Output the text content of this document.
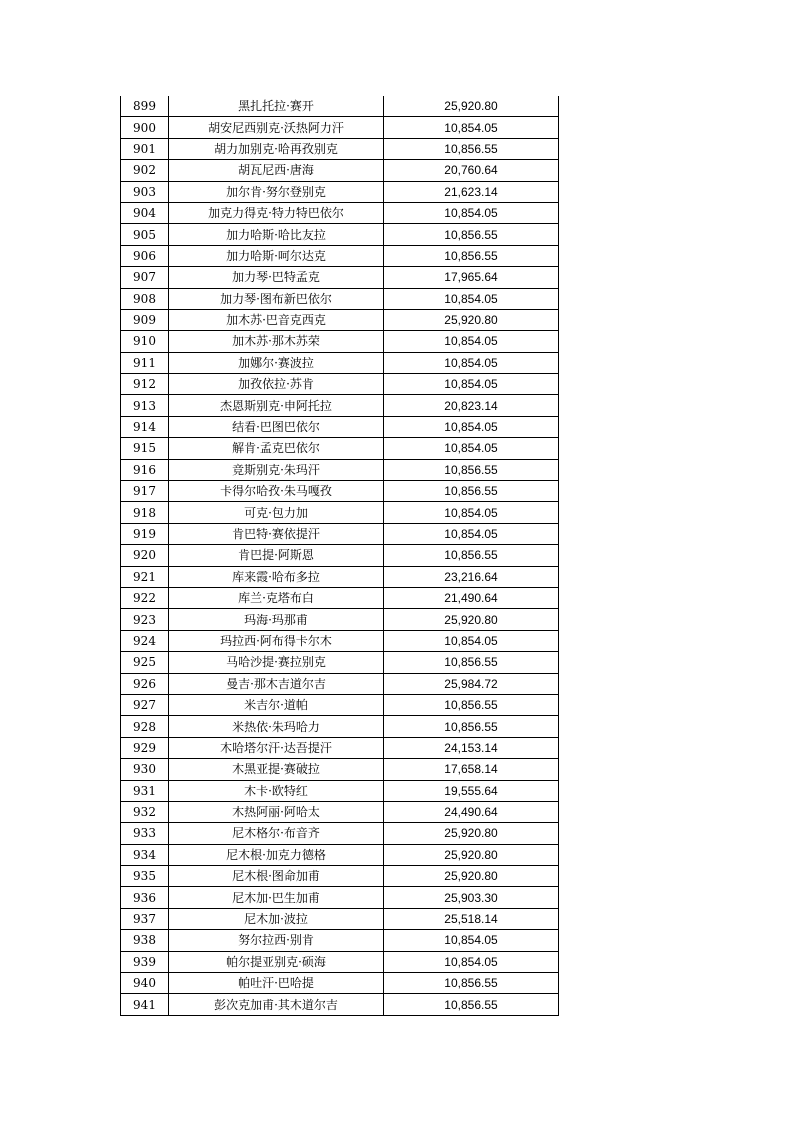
899	黑扎托拉·赛开	25,920.80
900	胡安尼西别克·沃热阿力汗	10,854.05
901	胡力加别克·哈再孜别克	10,856.55
902	胡瓦尼西·唐海	20,760.64
903	加尔肯·努尔登别克	21,623.14
904	加克力得克·特力特巴依尔	10,854.05
905	加力哈斯·哈比友拉	10,856.55
906	加力哈斯·呵尔达克	10,856.55
907	加力琴·巴特孟克	17,965.64
908	加力琴·图布新巴依尔	10,854.05
909	加木苏·巴音克西克	25,920.80
910	加木苏·那木苏荣	10,854.05
911	加娜尔·赛波拉	10,854.05
912	加孜依拉·苏肯	10,854.05
913	杰恩斯别克·申阿托拉	20,823.14
914	结看·巴图巴依尔	10,854.05
915	解肯·孟克巴依尔	10,854.05
916	竞斯别克·朱玛汗	10,856.55
917	卡得尔哈孜·朱马嘎孜	10,856.55
918	可克·包力加	10,854.05
919	肯巴特·赛依提汗	10,854.05
920	肯巴提·阿斯恩	10,856.55
921	库来霞·哈布多拉	23,216.64
922	库兰·克塔布白	21,490.64
923	玛海·玛那甫	25,920.80
924	玛拉西·阿布得卡尔木	10,854.05
925	马哈沙提·赛拉别克	10,856.55
926	曼吉·那木吉道尔吉	25,984.72
927	米吉尔·道帕	10,856.55
928	米热依·朱玛哈力	10,856.55
929	木哈塔尔汗·达吾提汗	24,153.14
930	木黑亚提·赛破拉	17,658.14
931	木卡·欧特红	19,555.64
932	木热阿丽·阿哈太	24,490.64
933	尼木格尔·布音齐	25,920.80
934	尼木根·加克力德格	25,920.80
935	尼木根·图命加甫	25,920.80
936	尼木加·巴生加甫	25,903.30
937	尼木加·波拉	25,518.14
938	努尔拉西·别肯	10,854.05
939	帕尔提亚别克·硕海	10,854.05
940	帕吐汗·巴哈提	10,856.55
941	彭次克加甫·其木道尔吉	10,856.55
